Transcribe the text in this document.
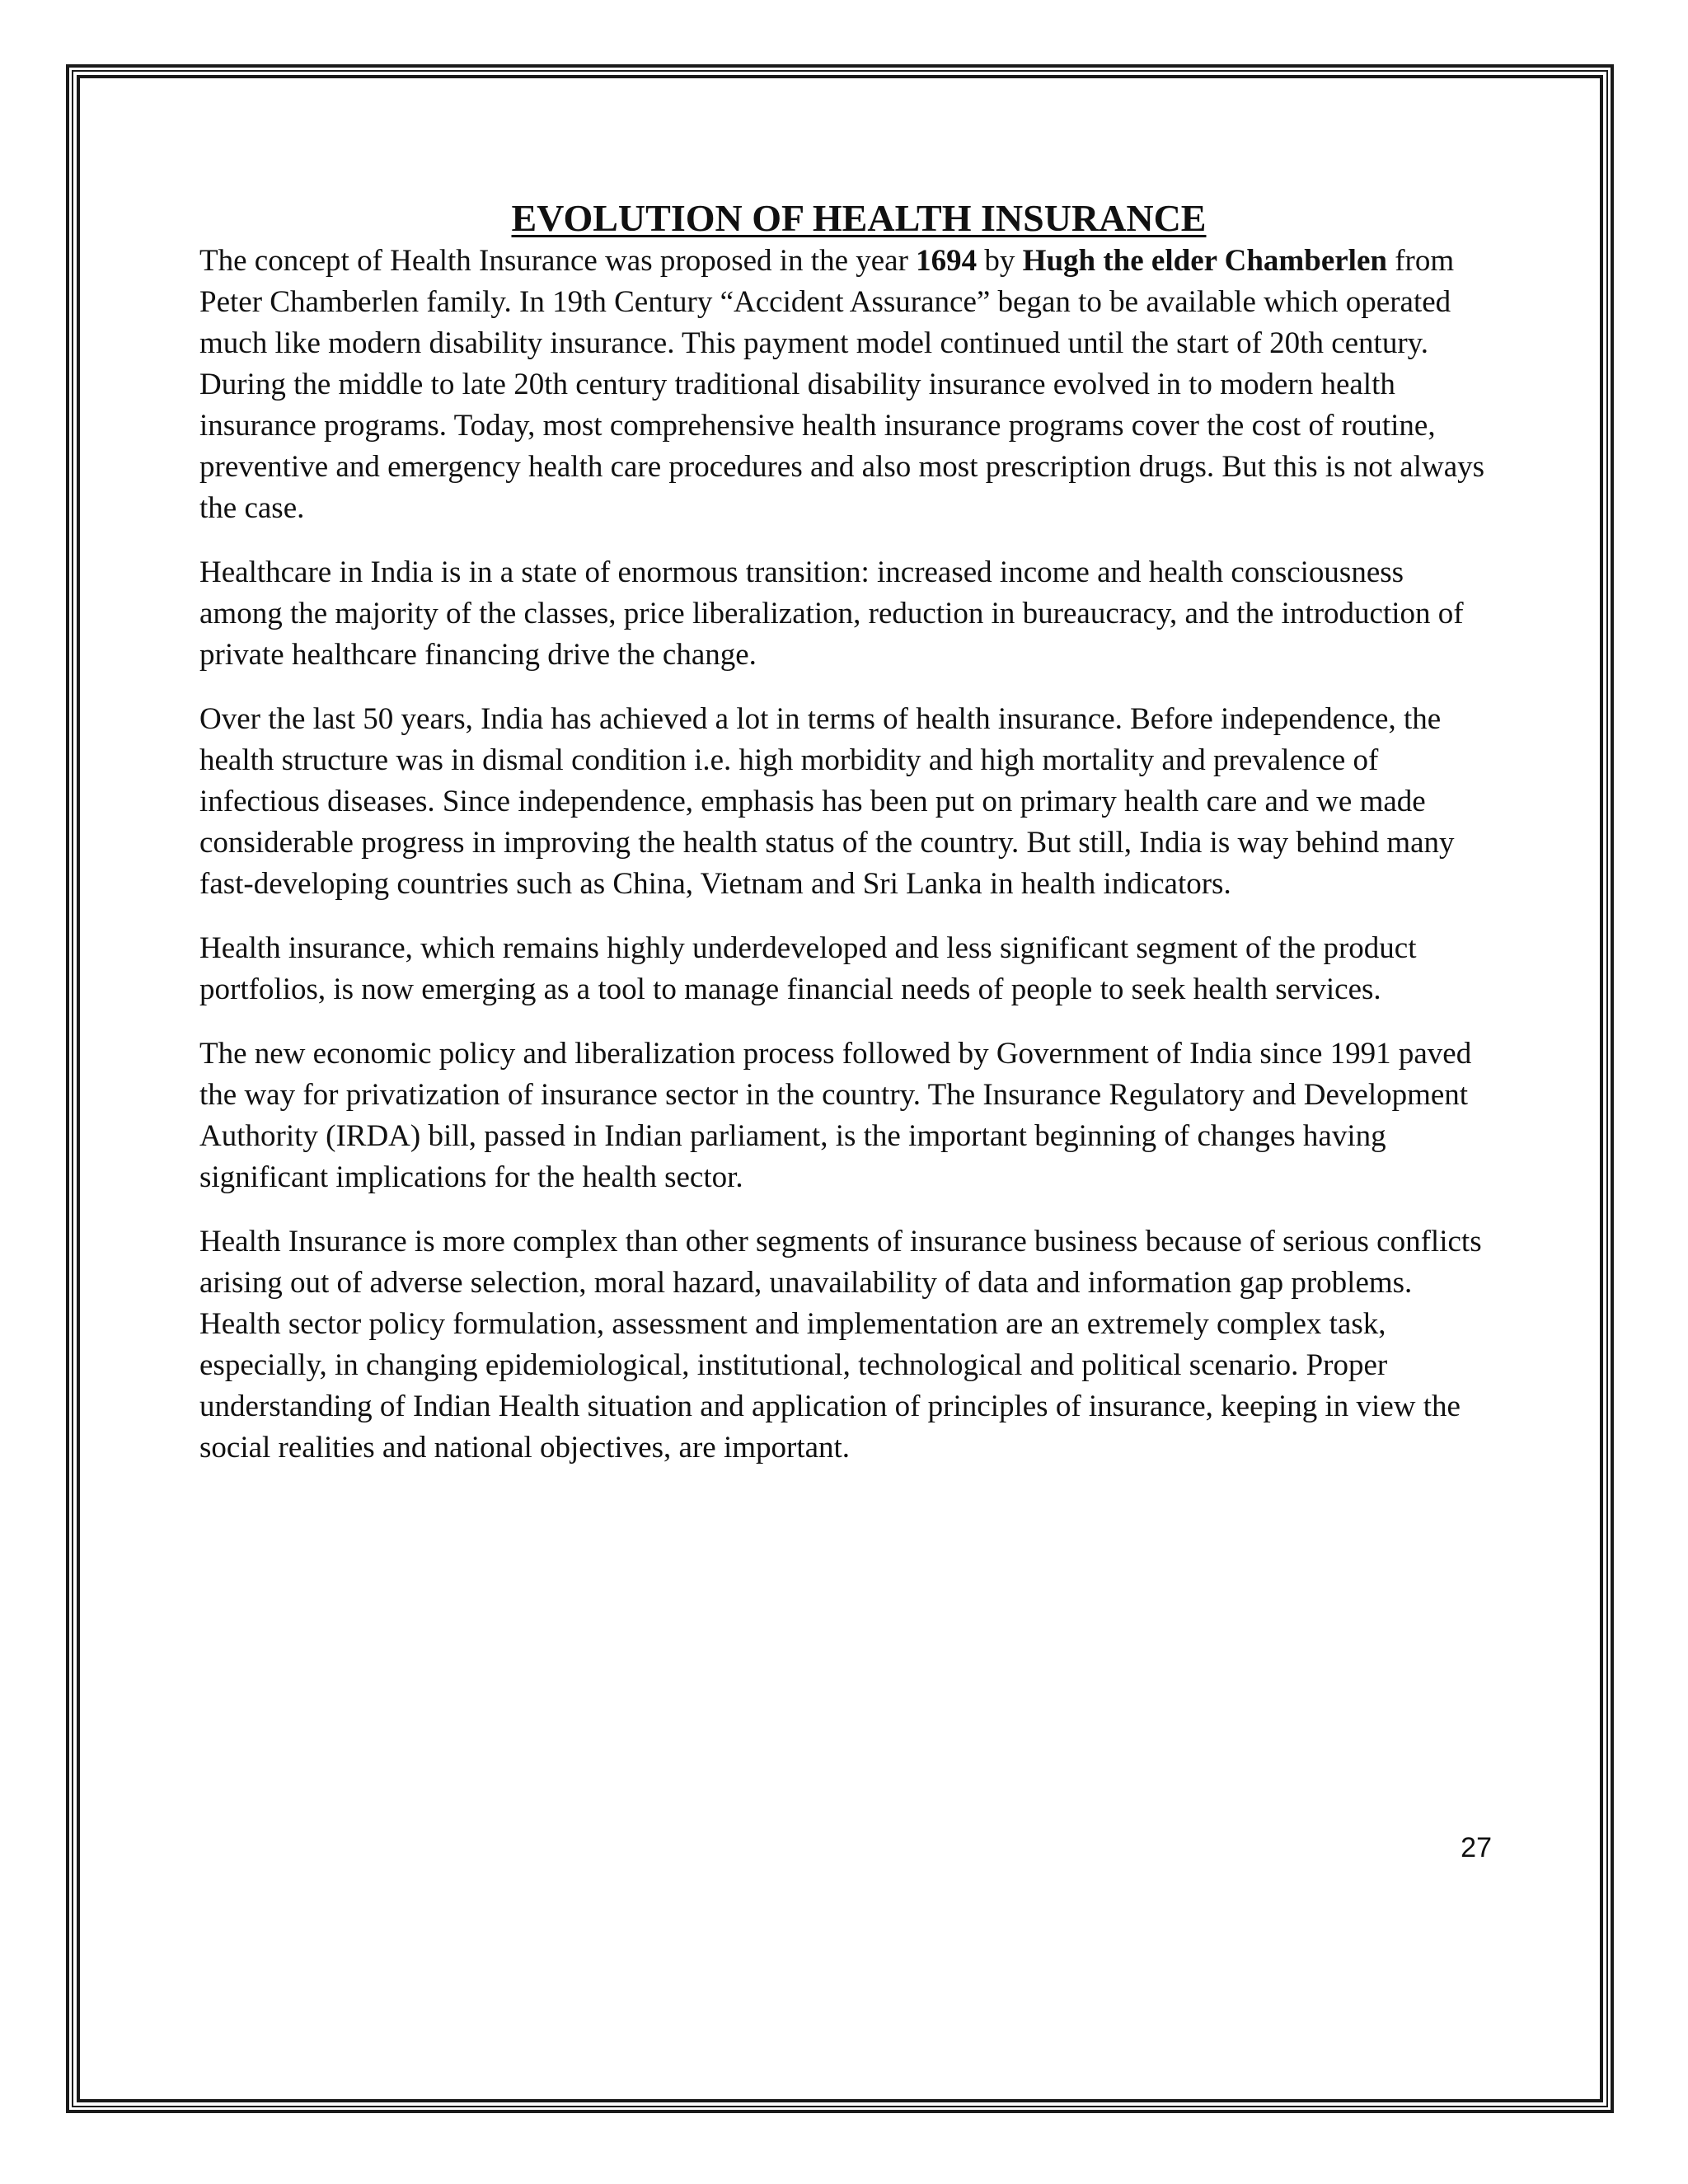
EVOLUTION OF HEALTH INSURANCE

The concept of Health Insurance was proposed in the year 1694 by Hugh the elder Chamberlen from Peter Chamberlen family. In 19th Century “Accident Assurance” began to be available which operated much like modern disability insurance. This payment model continued until the start of 20th century. During the middle to late 20th century traditional disability insurance evolved in to modern health insurance programs. Today, most comprehensive health insurance programs cover the cost of routine, preventive and emergency health care procedures and also most prescription drugs. But this is not always the case.

Healthcare in India is in a state of enormous transition: increased income and health consciousness among the majority of the classes, price liberalization, reduction in bureaucracy, and the introduction of private healthcare financing drive the change.

Over the last 50 years, India has achieved a lot in terms of health insurance. Before independence, the health structure was in dismal condition i.e. high morbidity and high mortality and prevalence of infectious diseases. Since independence, emphasis has been put on primary health care and we made considerable progress in improving the health status of the country. But still, India is way behind many fast-developing countries such as China, Vietnam and Sri Lanka in health indicators.

Health insurance, which remains highly underdeveloped and less significant segment of the product portfolios, is now emerging as a tool to manage financial needs of people to seek health services.

The new economic policy and liberalization process followed by Government of India since 1991 paved the way for privatization of insurance sector in the country. The Insurance Regulatory and Development Authority (IRDA) bill, passed in Indian parliament, is the important beginning of changes having significant implications for the health sector.

Health Insurance is more complex than other segments of insurance business because of serious conflicts arising out of adverse selection, moral hazard, unavailability of data and information gap problems. Health sector policy formulation, assessment and implementation are an extremely complex task, especially, in changing epidemiological, institutional, technological and political scenario. Proper understanding of Indian Health situation and application of principles of insurance, keeping in view the social realities and national objectives, are important.

27
